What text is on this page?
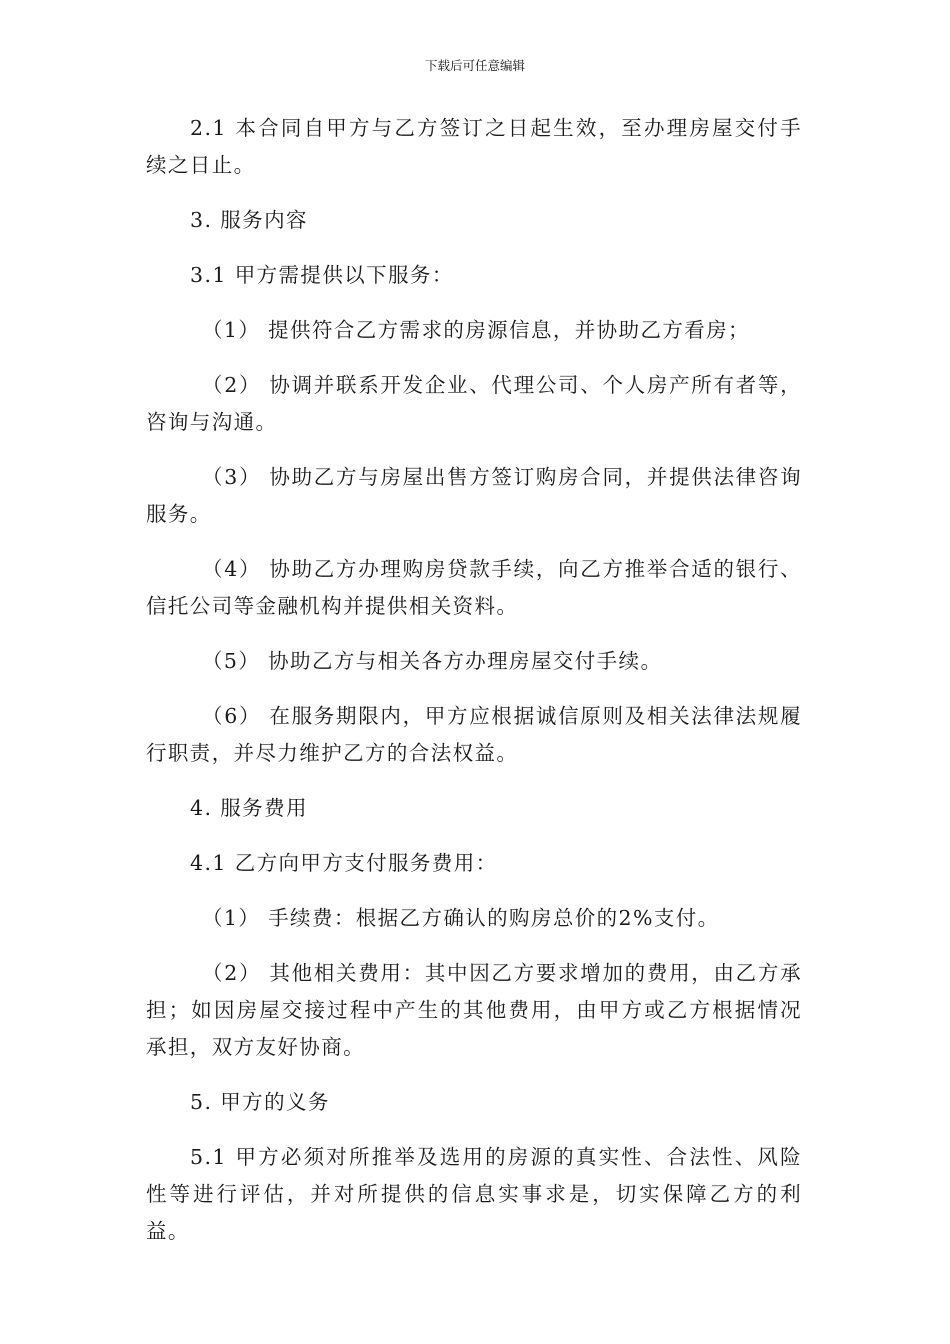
下载后可任意编辑

2.1 本合同自甲方与乙方签订之日起生效，至办理房屋交付手续之日止。

3. 服务内容

3.1 甲方需提供以下服务：

（1） 提供符合乙方需求的房源信息，并协助乙方看房；

（2） 协调并联系开发企业、代理公司、个人房产所有者等，咨询与沟通。

（3） 协助乙方与房屋出售方签订购房合同，并提供法律咨询服务。

（4） 协助乙方办理购房贷款手续，向乙方推举合适的银行、信托公司等金融机构并提供相关资料。

（5） 协助乙方与相关各方办理房屋交付手续。

（6） 在服务期限内，甲方应根据诚信原则及相关法律法规履行职责，并尽力维护乙方的合法权益。

4. 服务费用

4.1 乙方向甲方支付服务费用：

（1） 手续费：根据乙方确认的购房总价的2%支付。

（2） 其他相关费用：其中因乙方要求增加的费用，由乙方承担；如因房屋交接过程中产生的其他费用，由甲方或乙方根据情况承担，双方友好协商。

5. 甲方的义务

5.1 甲方必须对所推举及选用的房源的真实性、合法性、风险性等进行评估，并对所提供的信息实事求是，切实保障乙方的利益。
